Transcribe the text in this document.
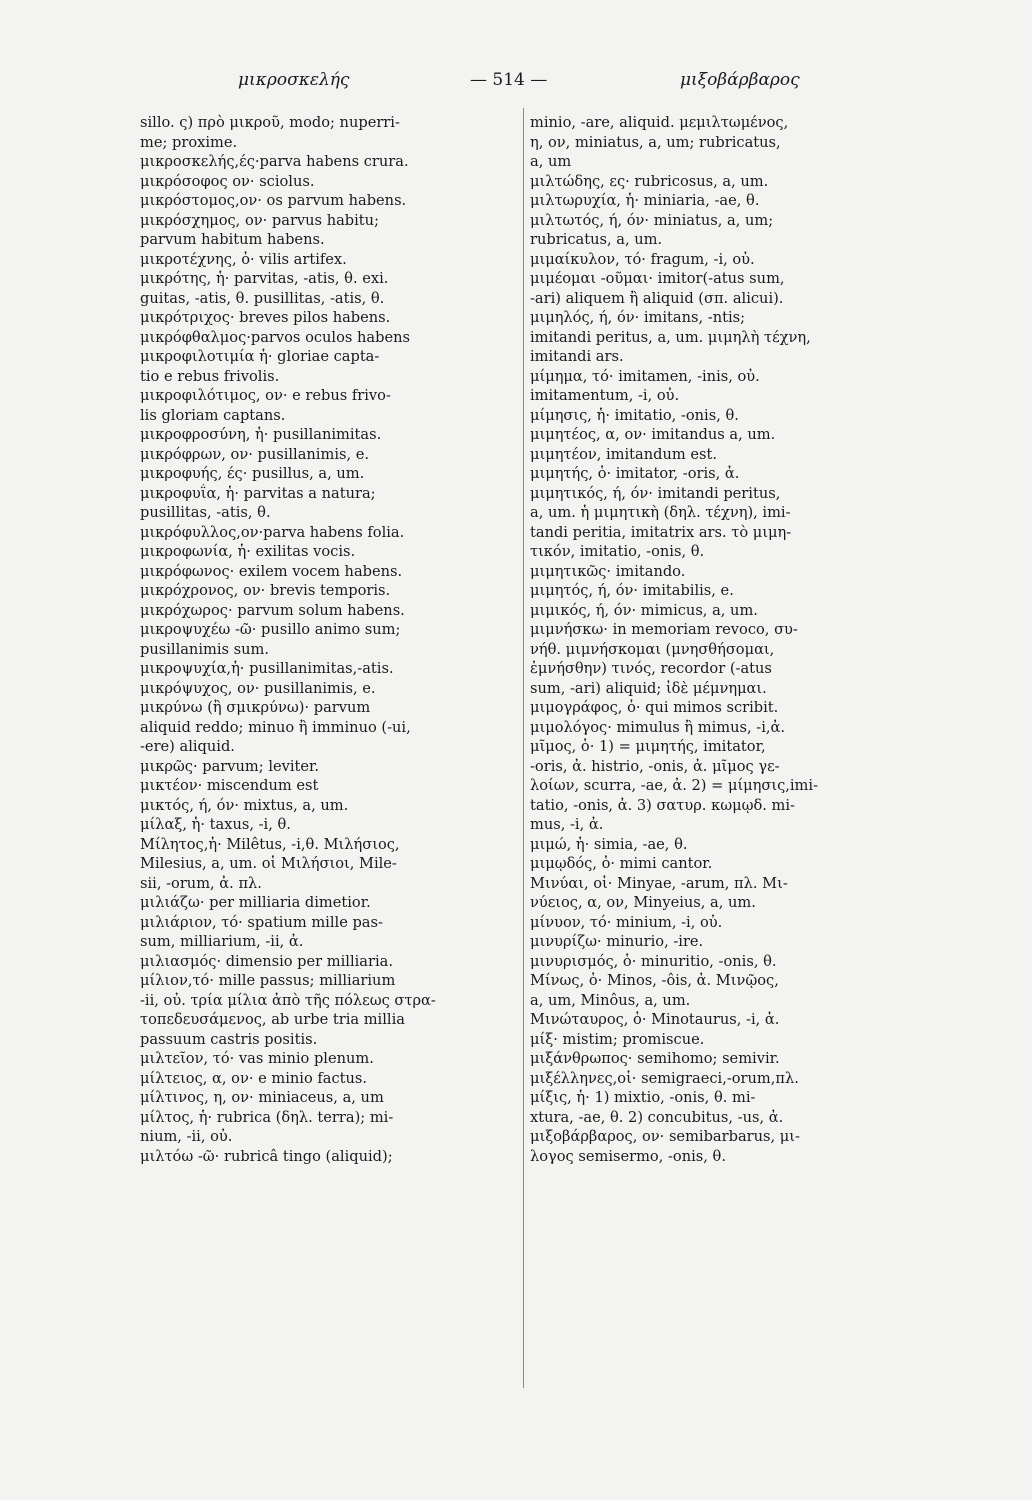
μικροσκελής	— 514 —	μιξοβάρβαρος
sillo. ς) πρὸ μικροῦ, modo; nuperri-
me; proxime.
μικροσκελής,ές·parva habens crura.
μικρόσοφος ον· sciolus.
μικρόστομος,ον· os parvum habens.
μικρόσχημος, ον· parvus habitu;
parvum habitum habens.
μικροτέχνης, ὁ· vilis artifex.
μικρότης, ἡ· parvitas, -atis, θ. exi.
guitas, -atis, θ. pusillitas, -atis, θ.
μικρότριχος· breves pilos habens.
μικρόφθαλμος·parvos oculos habens
μικροφιλοτιμία ἡ· gloriae capta-
tio e rebus frivolis.
μικροφιλότιμος, ον· e rebus frivo-
lis gloriam captans.
μικροφροσύνη, ἡ· pusillanimitas.
μικρόφρων, ον· pusillanimis, e.
μικροφυής, ές· pusillus, a, um.
μικροφυΐα, ἡ· parvitas a natura;
pusillitas, -atis, θ.
μικρόφυλλος,ον·parva habens folia.
μικροφωνία, ἡ· exilitas vocis.
μικρόφωνος· exilem vocem habens.
μικρόχρονος, ον· brevis temporis.
μικρόχωρος· parvum solum habens.
μικροψυχέω -ῶ· pusillo animo sum;
pusillanimis sum.
μικροψυχία,ἡ· pusillanimitas,-atis.
μικρόψυχος, ον· pusillanimis, e.
μικρύνω (ἢ σμικρύνω)· parvum
aliquid reddo; minuo ἢ imminuo (-ui,
-ere) aliquid.
μικρῶς· parvum; leviter.
μικτέον· miscendum est
μικτός, ή, όν· mixtus, a, um.
μίλαξ, ἡ· taxus, -i, θ.
Μίλητος,ἡ· Milêtus, -i,θ. Μιλήσιος,
Milesius, a, um. οἱ Μιλήσιοι, Mile-
sii, -orum, ἀ. πλ.
μιλιάζω· per milliaria dimetior.
μιλιάριον, τό· spatium mille pas-
sum, milliarium, -ii, ἀ.
μιλιασμός· dimensio per milliaria.
μίλιον,τό· mille passus; milliarium
-ii, οὐ. τρία μίλια ἀπὸ τῆς πόλεως στρα-
τοπεδευσάμενος, ab urbe tria millia
passuum castris positis.
μιλτεῖον, τό· vas minio plenum.
μίλτειος, α, ον· e minio factus.
μίλτινος, η, ον· miniaceus, a, um
μίλτος, ἡ· rubrica (δηλ. terra); mi-
nium, -ii, οὐ.
μιλτόω -ῶ· rubricâ tingo (aliquid);
minio, -are, aliquid. μεμιλτωμένος,
η, ον, miniatus, a, um; rubricatus,
a, um
μιλτώδης, ες· rubricosus, a, um.
μιλτωρυχία, ἡ· miniaria, -ae, θ.
μιλτωτός, ή, όν· miniatus, a, um;
rubricatus, a, um.
μιμαίκυλον, τό· fragum, -i, οὐ.
μιμέομαι -οῦμαι· imitor(-atus sum,
-ari) aliquem ἢ aliquid (σπ. alicui).
μιμηλός, ή, όν· imitans, -ntis;
imitandi peritus, a, um. μιμηλὴ τέχνη,
imitandi ars.
μίμημα, τό· imitamen, -inis, οὐ.
imitamentum, -i, οὐ.
μίμησις, ἡ· imitatio, -onis, θ.
μιμητέος, α, ον· imitandus a, um.
μιμητέον, imitandum est.
μιμητής, ὁ· imitator, -oris, ἀ.
μιμητικός, ή, όν· imitandi peritus,
a, um. ἡ μιμητικὴ (δηλ. τέχνη), imi-
tandi peritia, imitatrix ars. τὸ μιμη-
τικόν, imitatio, -onis, θ.
μιμητικῶς· imitando.
μιμητός, ή, όν· imitabilis, e.
μιμικός, ή, όν· mimicus, a, um.
μιμνήσκω· in memoriam revoco, συ-
νήθ. μιμνήσκομαι (μνησθήσομαι,
ἐμνήσθην) τινός, recordor (-atus
sum, -ari) aliquid; ἰδὲ μέμνημαι.
μιμογράφος, ὁ· qui mimos scribit.
μιμολόγος· mimulus ἢ mimus, -i,ἀ.
μῖμος, ὁ· 1) = μιμητής, imitator,
-oris, ἀ. histrio, -onis, ἀ. μῖμος γε-
λοίων, scurra, -ae, ἀ. 2) = μίμησις,imi-
tatio, -onis, ἀ. 3) σατυρ. κωμῳδ. mi-
mus, -i, ἀ.
μιμώ, ἡ· simia, -ae, θ.
μιμῳδός, ὁ· mimi cantor.
Μινύαι, οἱ· Minyae, -arum, πλ. Μι-
νύειος, α, ον, Minyeius, a, um.
μίνυον, τό· minium, -i, οὐ.
μινυρίζω· minurio, -ire.
μινυρισμός, ὁ· minuritio, -onis, θ.
Μίνως, ὁ· Minos, -ôis, ἀ. Μινῷος,
a, um, Minôus, a, um.
Μινώταυρος, ὁ· Minotaurus, -i, ἀ.
μίξ· mistim; promiscue.
μιξάνθρωπος· semihomo; semivir.
μιξέλληνες,οἱ· semigraeci,-orum,πλ.
μίξις, ἡ· 1) mixtio, -onis, θ. mi-
xtura, -ae, θ. 2) concubitus, -us, ἀ.
μιξοβάρβαρος, ον· semibarbarus, μι-
λογος semisermo, -onis, θ.
